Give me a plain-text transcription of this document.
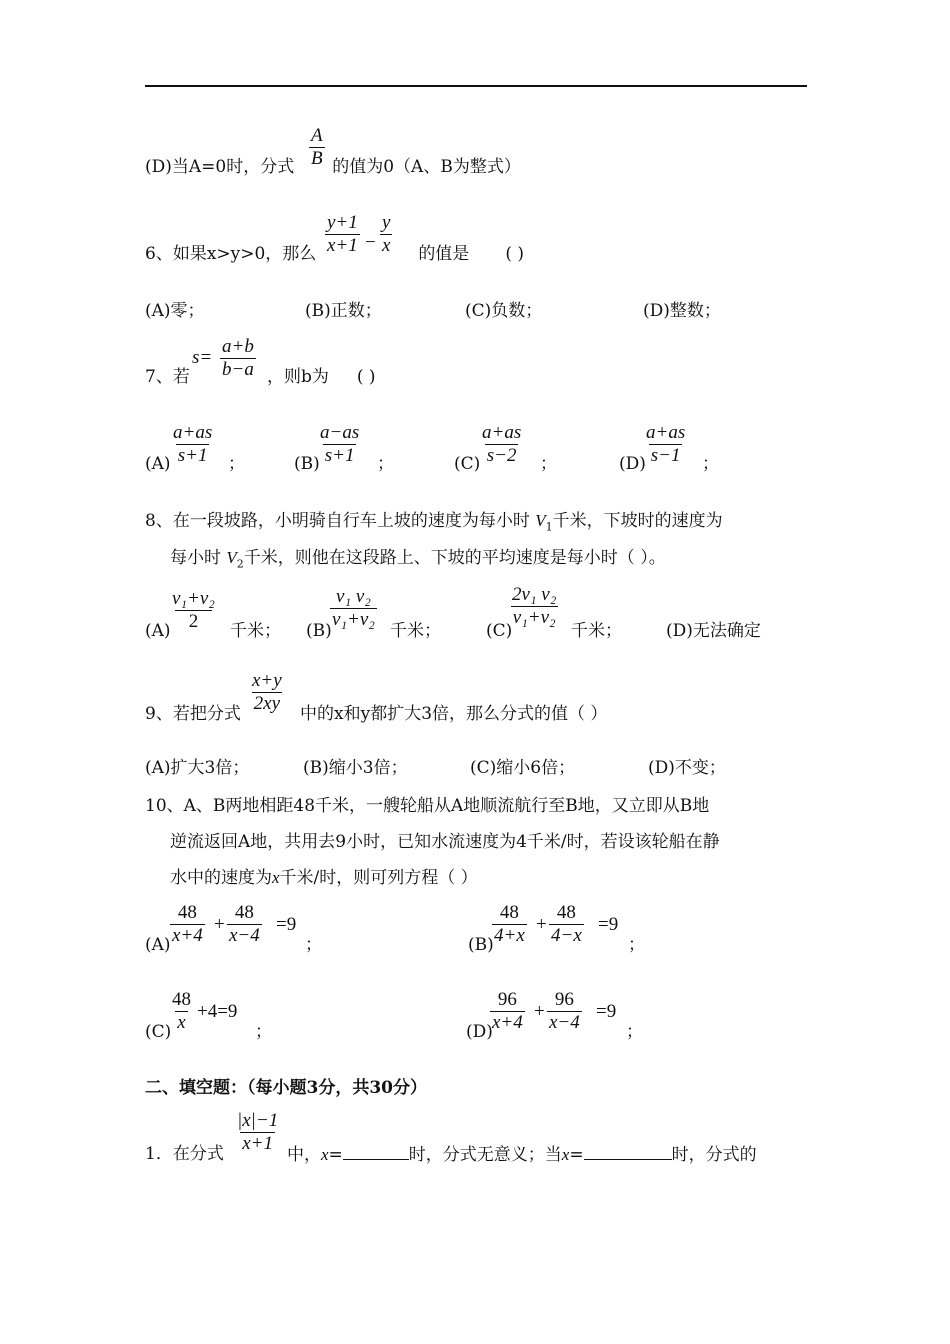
(D)当A=0时，分式 的值为0（A、B为整式）
$\frac{A}{B}$
6、如果x>y>0，那么	的值是 ( )
$\frac{y+1}{x+1} - \frac{y}{x}$
(A)零；	(B)正数；	(C)负数；	(D)整数；
7、若
$s= \frac{a+b}{b-a}$ ，则b为 ( )
$(A) \frac{a+as}{s+1}$ ；	(B)
$\frac{a-as}{s+1}$ ；	$(C) \frac{a+as}{s-2}$ ；	(D)
$\frac{a+as}{s-1}$ ；
8、在一段坡路，小明骑自行车上坡的速度为每小时 $V_1$千米，下坡时的速度为
每小时 $V_2$千米，则他在这段路上、下坡的平均速度是每小时（ ）。
$(A) \frac{\text{v₁+v₂}}{2}$ 千米； (B)
$\frac{\text{v₁ v₂}}{\text{v₁+v₂}}$ 千米；	(C)
$\frac{\text{2v₁ v₂}}{\text{v₁+v₂}}$
千米；	(D)无法确定
9、若把分式 $\frac{x+y}{2xy}$ 中的x和y都扩大3倍，那么分式的值（ ）
(A)扩大3倍；	(B)缩小3倍；	(C)缩小6倍；	(D)不变；
10、A、B两地相距48千米，一艘轮船从A地顺流航行至B地，又立即从B地
逆流返回A地，共用去9小时，已知水流速度为4千米/时，若设该轮船在静
水中的速度为x千米/时，则可列方程（ ）
$(A) \frac{48}{x+4} + \frac{48}{x-4} =9$
；	(B)
$\frac{48}{4+x} + \frac{48}{4-x} =9$
；
(C)
$\frac{48}{x} +4=9$
；	(D)
$\frac{96}{x+4} + \frac{96}{x-4} =9$
；
二、填空题：（每小题3分，共30分）
1．在分式 $\frac{|x|-1}{x+1}$ 中，x=	时，分式无意义；当x=	时，分式的
